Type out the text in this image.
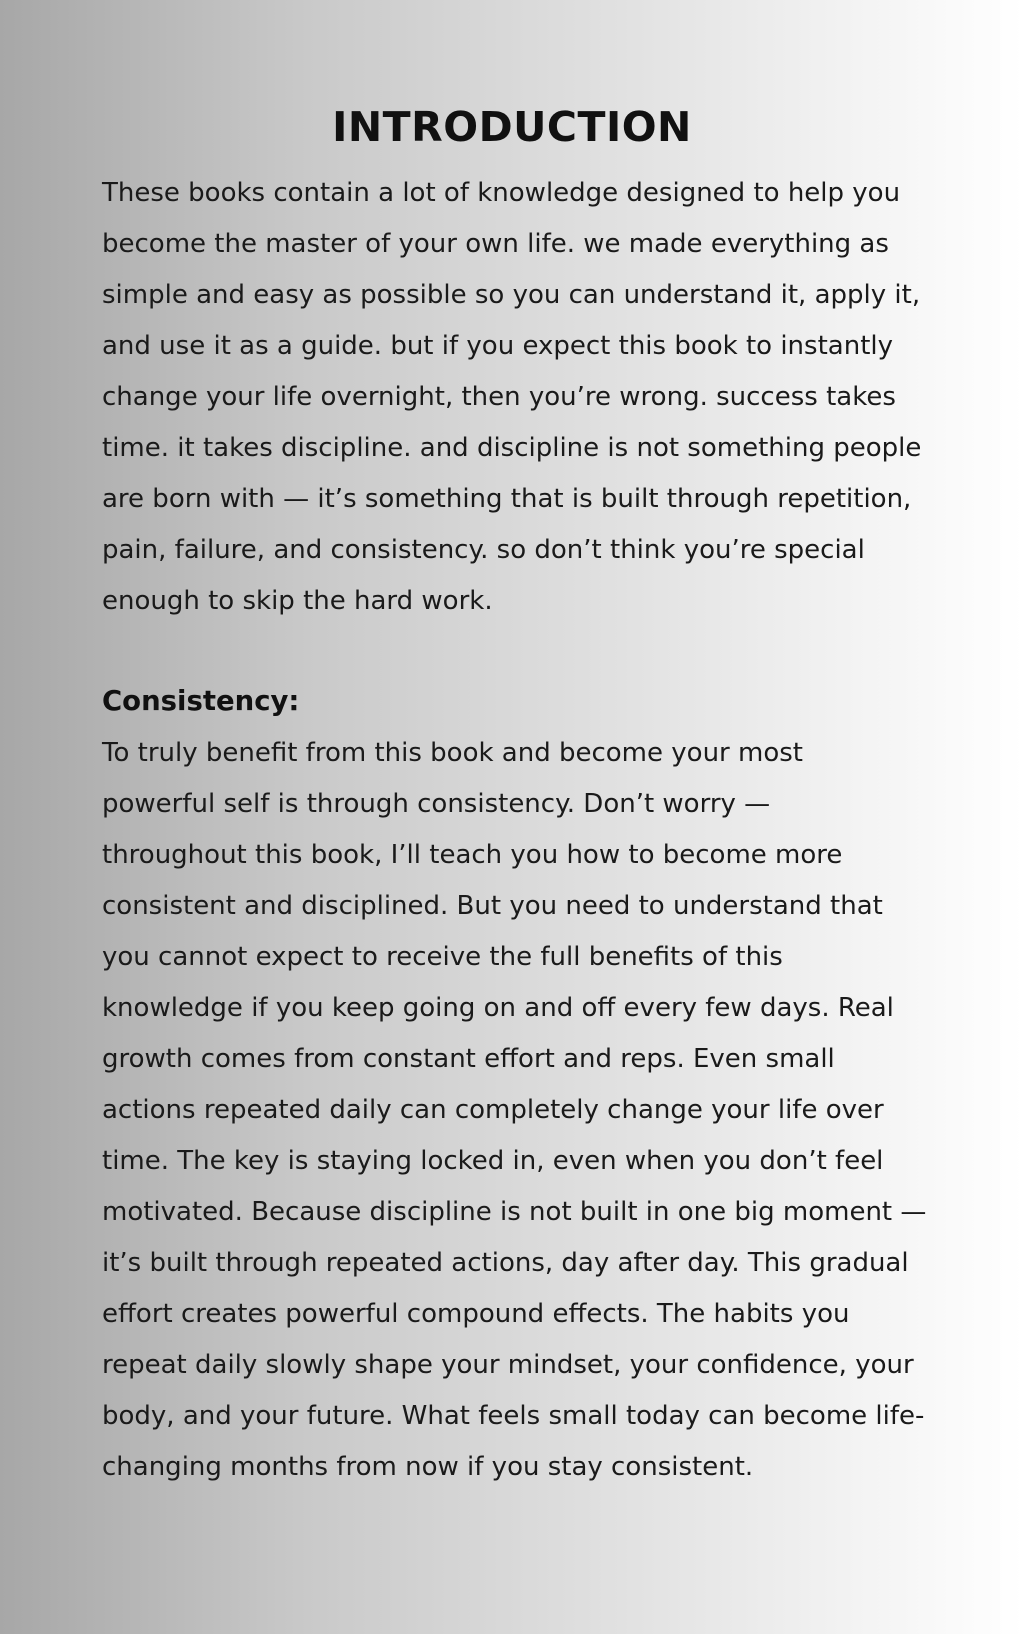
INTRODUCTION

These books contain a lot of knowledge designed to help you
become the master of your own life. we made everything as
simple and easy as possible so you can understand it, apply it,
and use it as a guide. but if you expect this book to instantly
change your life overnight, then you’re wrong. success takes
time. it takes discipline. and discipline is not something people
are born with — it’s something that is built through repetition,
pain, failure, and consistency. so don’t think you’re special
enough to skip the hard work.

Consistency:

To truly benefit from this book and become your most
powerful self is through consistency. Don’t worry —
throughout this book, I’ll teach you how to become more
consistent and disciplined. But you need to understand that
you cannot expect to receive the full benefits of this
knowledge if you keep going on and off every few days. Real
growth comes from constant effort and reps. Even small
actions repeated daily can completely change your life over
time. The key is staying locked in, even when you don’t feel
motivated. Because discipline is not built in one big moment —
it’s built through repeated actions, day after day. This gradual
effort creates powerful compound effects. The habits you
repeat daily slowly shape your mindset, your confidence, your
body, and your future. What feels small today can become life-
changing months from now if you stay consistent.
